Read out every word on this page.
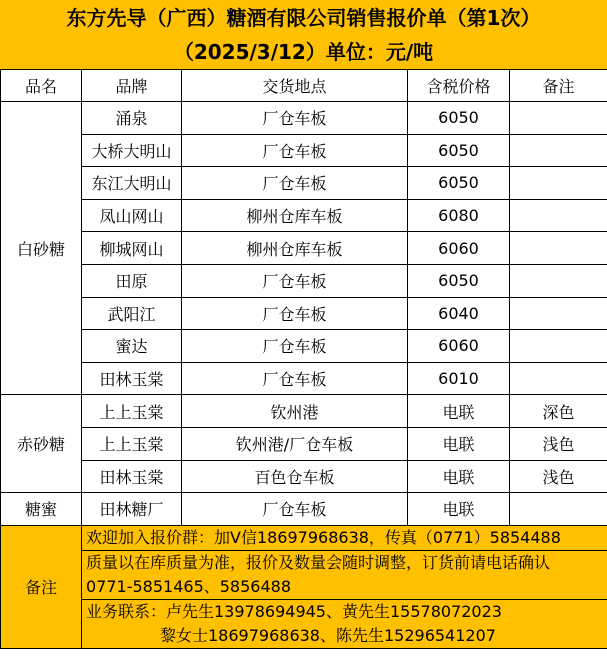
东方先导（广西）糖酒有限公司销售报价单（第1次）
（2025/3/12）单位：元/吨
品名	品牌	交货地点	含税价格	备注
白砂糖	涌泉	厂仓车板	6050	
	大桥大明山	厂仓车板	6050	
	东江大明山	厂仓车板	6050	
	凤山网山	柳州仓库车板	6080	
	柳城网山	柳州仓库车板	6060	
	田原	厂仓车板	6050	
	武阳江	厂仓车板	6040	
	蜜达	厂仓车板	6060	
	田林玉棠	厂仓车板	6010	
赤砂糖	上上玉棠	钦州港	电联	深色
	上上玉棠	钦州港/厂仓车板	电联	浅色
	田林玉棠	百色仓车板	电联	浅色
糖蜜	田林糖厂	厂仓车板	电联	
备注	欢迎加入报价群：加V信18697968638，传真（0771）5854488			
	质量以在库质量为准，报价及数量会随时调整，订货前请电话确认
0771-5851465、5856488			
	业务联系：卢先生13978694945、黄先生15578072023
黎女士18697968638、陈先生15296541207			
